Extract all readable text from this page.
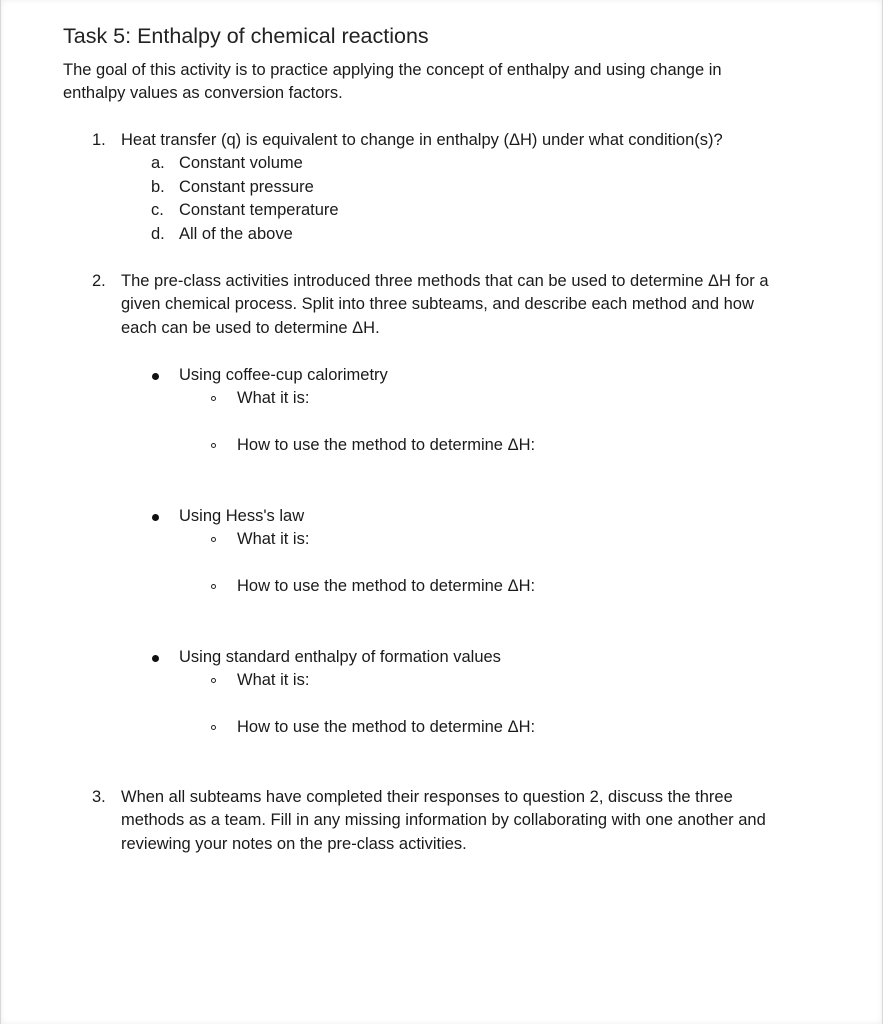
Task 5: Enthalpy of chemical reactions
The goal of this activity is to practice applying the concept of enthalpy and using change in
enthalpy values as conversion factors.
1. Heat transfer (q) is equivalent to change in enthalpy (ΔH) under what condition(s)?
a. Constant volume
b. Constant pressure
c. Constant temperature
d. All of the above
2. The pre-class activities introduced three methods that can be used to determine ΔH for a
given chemical process. Split into three subteams, and describe each method and how
each can be used to determine ΔH.
Using coffee-cup calorimetry
What it is:
How to use the method to determine ΔH:
Using Hess's law
What it is:
How to use the method to determine ΔH:
Using standard enthalpy of formation values
What it is:
How to use the method to determine ΔH:
3. When all subteams have completed their responses to question 2, discuss the three
methods as a team. Fill in any missing information by collaborating with one another and
reviewing your notes on the pre-class activities.
